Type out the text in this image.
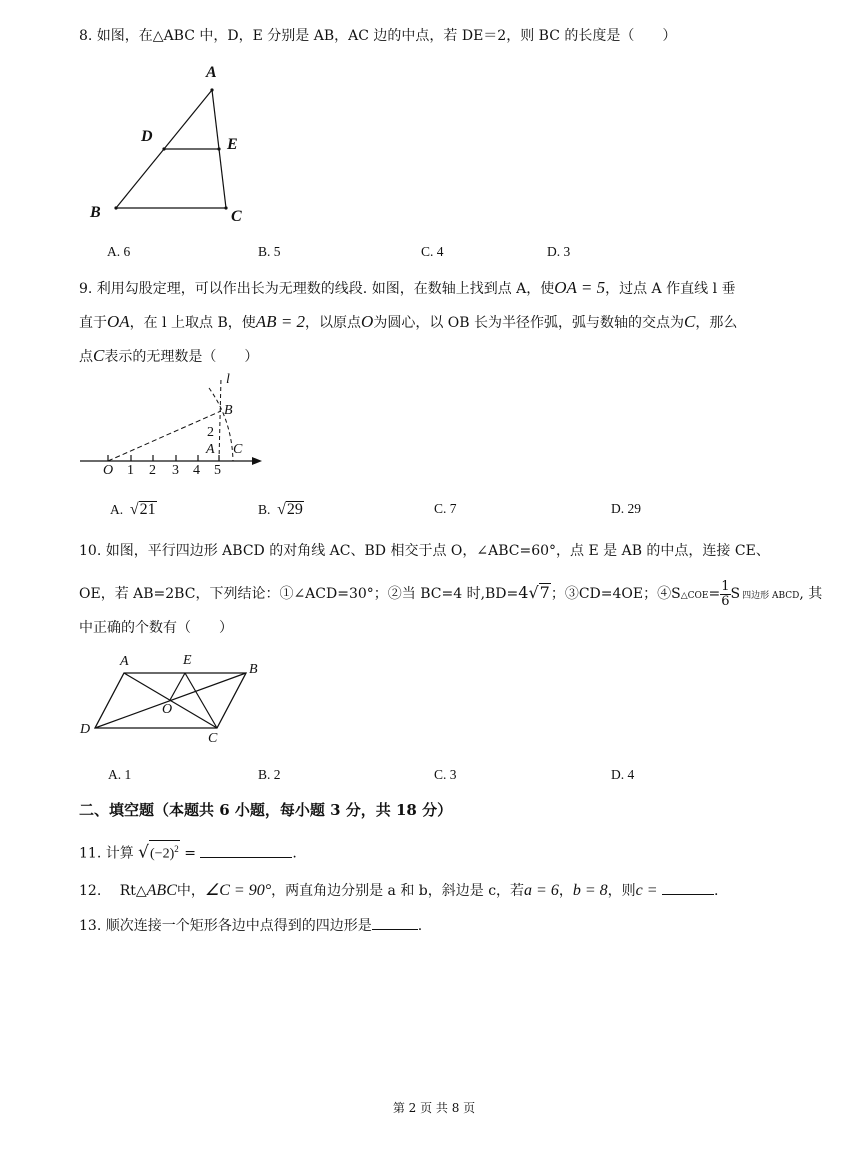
8. 如图，在△ABC 中，D，E 分别是 AB，AC 边的中点，若 DE＝2，则 BC 的长度是（　　）
A
D	E
B	C
A. 6	B. 5	C. 4	D. 3
9. 利用勾股定理，可以作出长为无理数的线段. 如图，在数轴上找到点 A，使OA = 5，过点 A 作直线 l 垂
直于OA，在 l 上取点 B，使AB = 2，以原点O为圆心，以 OB 长为半径作弧，弧与数轴的交点为C，那么
点C表示的无理数是（　　）
l
B
2
A C
O 1 2 3 4 5
A. √21	B. √29	C. 7	D. 29
10. 如图，平行四边形 ABCD 的对角线 AC、BD 相交于点 O，∠ABC=60°，点 E 是 AB 的中点，连接 CE、
OE，若 AB=2BC，下列结论：①∠ACD=30°；②当 BC=4 时,BD=4√7；③CD=4OE；④S△COE= $\frac{1}{6}$ S 四边形 ABCD, 其
中正确的个数有（　　）
A	E
B
O
D
C
A. 1	B. 2	C. 3	D. 4
二、填空题（本题共 6 小题，每小题 3 分，共 18 分）
11. 计算 $√(-2)^2$ =	.
12.　 Rt△ABC中，∠C = 90°，两直角边分别是 a 和 b，斜边是 c，若a = 6，b = 8，则c =	.
13. 顺次连接一个矩形各边中点得到的四边形是	.
第 2 页 共 8 页
